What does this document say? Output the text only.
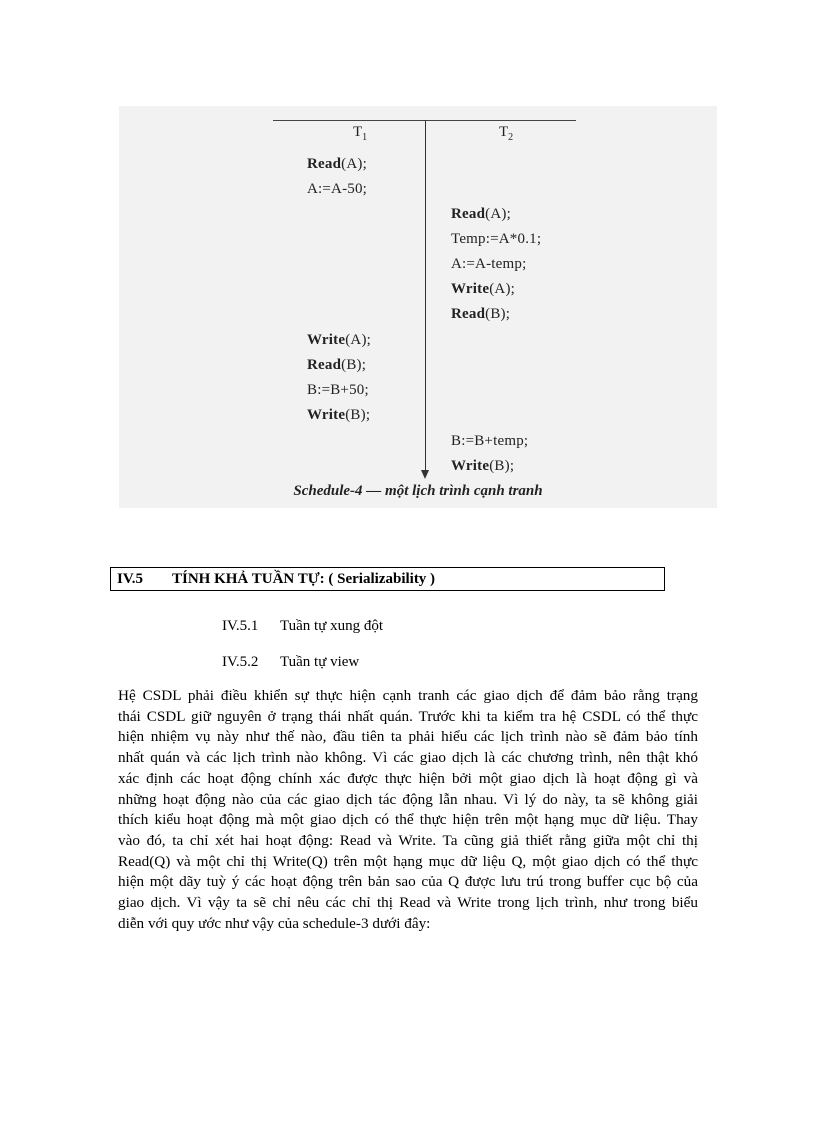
$T_1$	$T_2$
Read(A);
A:=A-50;
Read(A);
Temp:=A*0.1;
A:=A-temp;
Write(A);
Read(B);
Write(A);
Read(B);
B:=B+50;
Write(B);
B:=B+temp;
Write(B);
Schedule-4 — một lịch trình cạnh tranh
IV.5 TÍNH KHẢ TUẦN TỰ: ( Serializability )
IV.5.1 Tuần tự xung đột
IV.5.2 Tuần tự view
Hệ CSDL phải điều khiển sự thực hiện cạnh tranh các giao dịch để đảm bảo rằng trạng
thái CSDL giữ nguyên ở trạng thái nhất quán. Trước khi ta kiểm tra hệ CSDL có thể thực
hiện nhiệm vụ này như thế nào, đầu tiên ta phải hiểu các lịch trình nào sẽ đảm bảo tính
nhất quán và các lịch trình nào không. Vì các giao dịch là các chương trình, nên thật khó
xác định các hoạt động chính xác được thực hiện bởi một giao dịch là hoạt động gì và
những hoạt động nào của các giao dịch tác động lẫn nhau. Vì lý do này, ta sẽ không giải
thích kiểu hoạt động mà một giao dịch có thể thực hiện trên một hạng mục dữ liệu. Thay
vào đó, ta chỉ xét hai hoạt động: Read và Write. Ta cũng giả thiết rằng giữa một chỉ thị
Read(Q) và một chỉ thị Write(Q) trên một hạng mục dữ liệu Q, một giao dịch có thể thực
hiện một dãy tuỳ ý các hoạt động trên bản sao của Q được lưu trú trong buffer cục bộ của
giao dịch. Vì vậy ta sẽ chỉ nêu các chỉ thị Read và Write trong lịch trình, như trong biểu
diễn với quy ước như vậy của schedule-3 dưới đây:
